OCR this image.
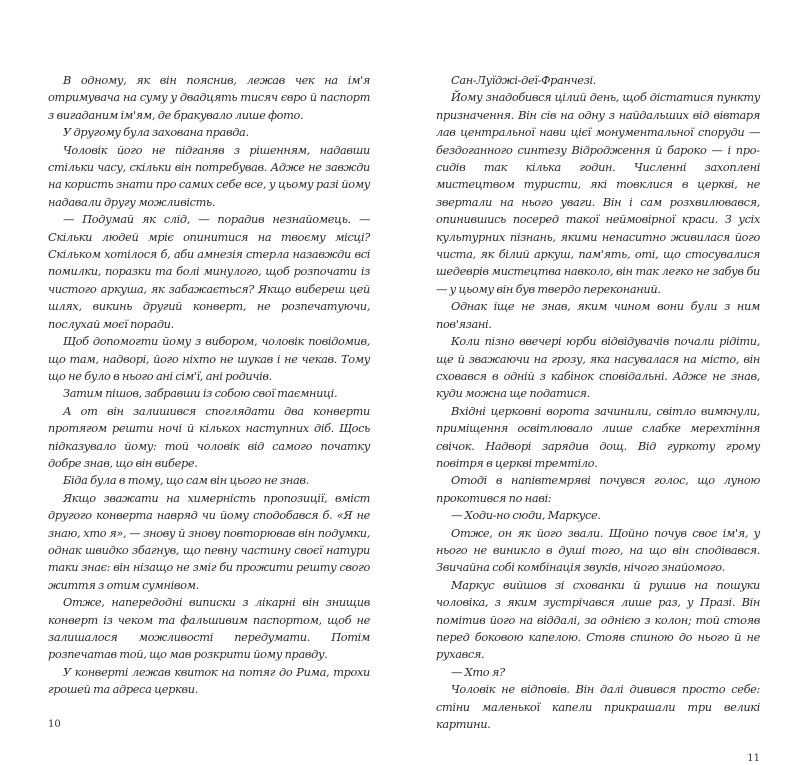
В одному, як він пояснив, лежав чек на ім'я отримувача на суму у двадцять тисяч євро й паспорт з вигаданим ім'ям, де бракувало лише фото.

У другому була захована правда.

Чоловік його не підганяв з рішенням, надавши стільки часу, скільки він потребував. Адже не завжди на користь знати про самих себе все, у цьому разі йому надавали другу можливість.

— Подумай як слід, — порадив незнайомець. — Скільки людей мріє опинитися на твоєму місці? Скільком хотілося б, аби амнезія стерла назавжди всі помилки, поразки та болі минулого, щоб розпочати із чистого аркуша, як забажається? Якщо вибереш цей шлях, викинь другий конверт, не розпечатуючи, послухай моєї поради.

Щоб допомогти йому з вибором, чоловік повідомив, що там, надворі, його ніхто не шукав і не чекав. Тому що не було в нього ані сім'ї, ані родичів.

Затим пішов, забравши із собою свої таємниці.

А от він залишився споглядати два конверти протягом решти ночі й кількох наступних діб. Щось підказувало йому: той чоловік від самого початку добре знав, що він вибере.

Біда була в тому, що сам він цього не знав.

Якщо зважати на химерність пропозиції, вміст другого конверта навряд чи йому сподобався б. «Я не знаю, хто я», — знову й знову повторював він подумки, однак швидко збагнув, що певну частину своєї натури таки знає: він нізащо не зміг би прожити решту свого життя з отим сумнівом.

Отже, напередодні виписки з лікарні він знищив конверт із чеком та фальшивим паспортом, щоб не залишалося можливості передумати. Потім розпечатав той, що мав розкрити йому правду.

У конверті лежав квиток на потяг до Рима, трохи грошей та адреса церкви.

10

Сан-Луїджі-деї-Франчезі.

Йому знадобився цілий день, щоб дістатися пункту призначення. Він сів на одну з найдальших від вівтаря лав центральної нави цієї монументальної споруди — бездоганного синтезу Відродження й бароко — і просидів так кілька годин. Численні захоплені мистецтвом туристи, які товклися в церкві, не звертали на нього уваги. Він і сам розхвилювався, опинившись посеред такої неймовірної краси. З усіх культурних пізнань, якими ненаситно живилася його чиста, як білий аркуш, пам'ять, оті, що стосувалися шедеврів мистецтва навколо, він так легко не забув би — у цьому він був твердо переконаний.

Однак іще не знав, яким чином вони були з ним пов'язані.

Коли пізно ввечері юрби відвідувачів почали рідіти, ще й зважаючи на грозу, яка насувалася на місто, він сховався в одній з кабінок сповідальні. Адже не знав, куди можна ще податися.

Вхідні церковні ворота зачинили, світло вимкнули, приміщення освітлювало лише слабке мерехтіння свічок. Надворі зарядив дощ. Від гуркоту грому повітря в церкві тремтіло.

Отоді в напівтемряві почувся голос, що луною прокотився по наві:

— Ходи-но сюди, Маркусе.

Отже, он як його звали. Щойно почув своє ім'я, у нього не виникло в душі того, на що він сподівався. Звичайна собі комбінація звуків, нічого знайомого.

Маркус вийшов зі схованки й рушив на пошуки чоловіка, з яким зустрічався лише раз, у Празі. Він помітив його на віддалі, за однією з колон; той стояв перед боковою капелою. Стояв спиною до нього й не рухався.

— Хто я?

Чоловік не відповів. Він далі дивився просто себе: стіни маленької капели прикрашали три великі картини.

11
